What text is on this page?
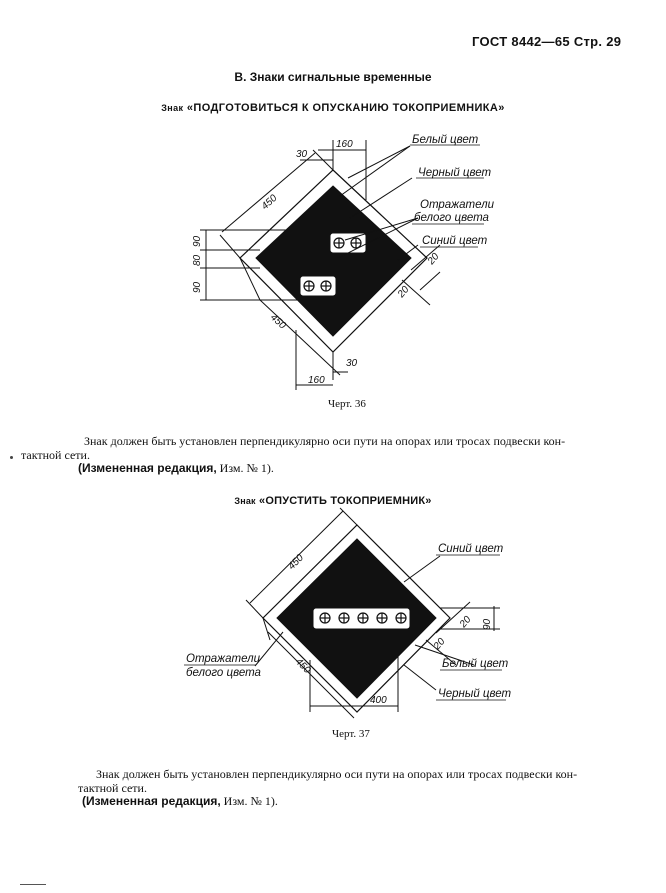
ГОСТ 8442—65 Стр. 29
В. Знаки сигнальные временные
Знак «ПОДГОТОВИТЬСЯ К ОПУСКАНИЮ ТОКОПРИЕМНИКА»
160
30
450
90
80
90
450
30
160
20
20
Белый цвет
Черный цвет
Отражатели
белого цвета
Синий цвет
Черт. 36
Знак должен быть установлен перпендикулярно оси пути на опорах или тросах подвески кон-
тактной сети.
(Измененная редакция, Изм. № 1).
Знак «ОПУСТИТЬ ТОКОПРИЕМНИК»
450
450
400
20
20
90
Синий цвет
Отражатели
белого цвета
Белый цвет
Черный цвет
Черт. 37
Знак должен быть установлен перпендикулярно оси пути на опорах или тросах подвески кон-
тактной сети.
(Измененная редакция, Изм. № 1).
